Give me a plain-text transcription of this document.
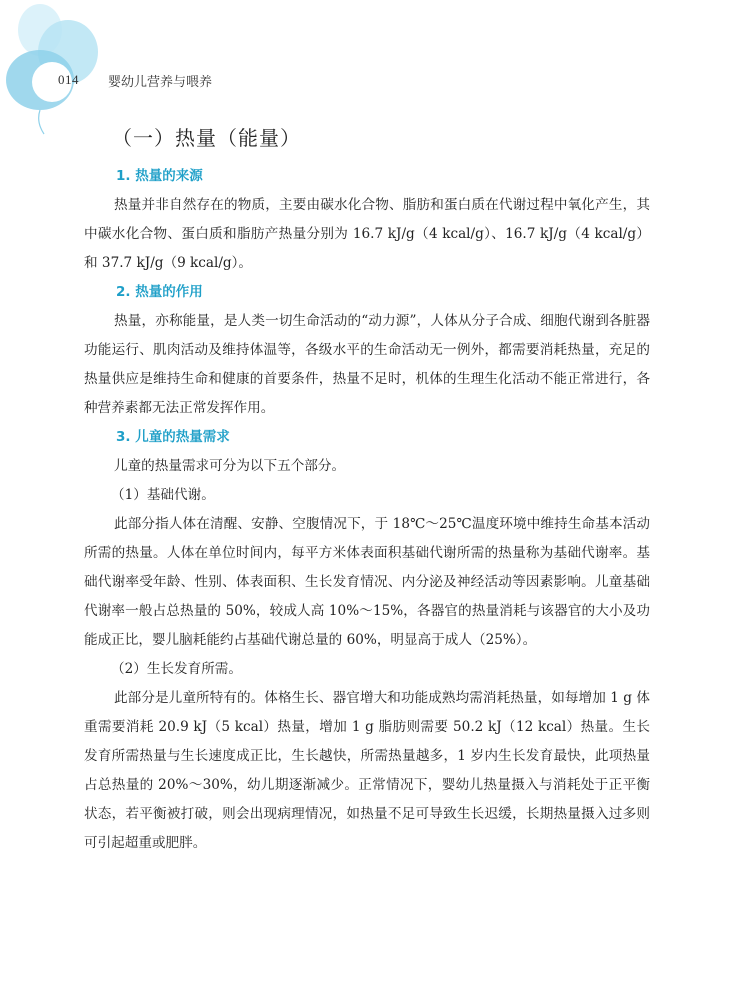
014 婴幼儿营养与喂养
（一）热量（能量）

1. 热量的来源

热量并非自然存在的物质，主要由碳水化合物、脂肪和蛋白质在代谢过程中氧化产生，其中碳水化合物、蛋白质和脂肪产热量分别为 16.7 kJ/g（4 kcal/g）、16.7 kJ/g（4 kcal/g）和 37.7 kJ/g（9 kcal/g）。

2. 热量的作用

热量，亦称能量，是人类一切生命活动的“动力源”，人体从分子合成、细胞代谢到各脏器功能运行、肌肉活动及维持体温等，各级水平的生命活动无一例外，都需要消耗热量，充足的热量供应是维持生命和健康的首要条件，热量不足时，机体的生理生化活动不能正常进行，各种营养素都无法正常发挥作用。

3. 儿童的热量需求

儿童的热量需求可分为以下五个部分。

（1）基础代谢。

此部分指人体在清醒、安静、空腹情况下，于 18℃～25℃温度环境中维持生命基本活动所需的热量。人体在单位时间内，每平方米体表面积基础代谢所需的热量称为基础代谢率。基础代谢率受年龄、性别、体表面积、生长发育情况、内分泌及神经活动等因素影响。儿童基础代谢率一般占总热量的 50%，较成人高 10%～15%，各器官的热量消耗与该器官的大小及功能成正比，婴儿脑耗能约占基础代谢总量的 60%，明显高于成人（25%）。

（2）生长发育所需。

此部分是儿童所特有的。体格生长、器官增大和功能成熟均需消耗热量，如每增加 1 g 体重需要消耗 20.9 kJ（5 kcal）热量，增加 1 g 脂肪则需要 50.2 kJ（12 kcal）热量。生长发育所需热量与生长速度成正比，生长越快，所需热量越多，1 岁内生长发育最快，此项热量占总热量的 20%～30%，幼儿期逐渐减少。正常情况下，婴幼儿热量摄入与消耗处于正平衡状态，若平衡被打破，则会出现病理情况，如热量不足可导致生长迟缓，长期热量摄入过多则可引起超重或肥胖。
